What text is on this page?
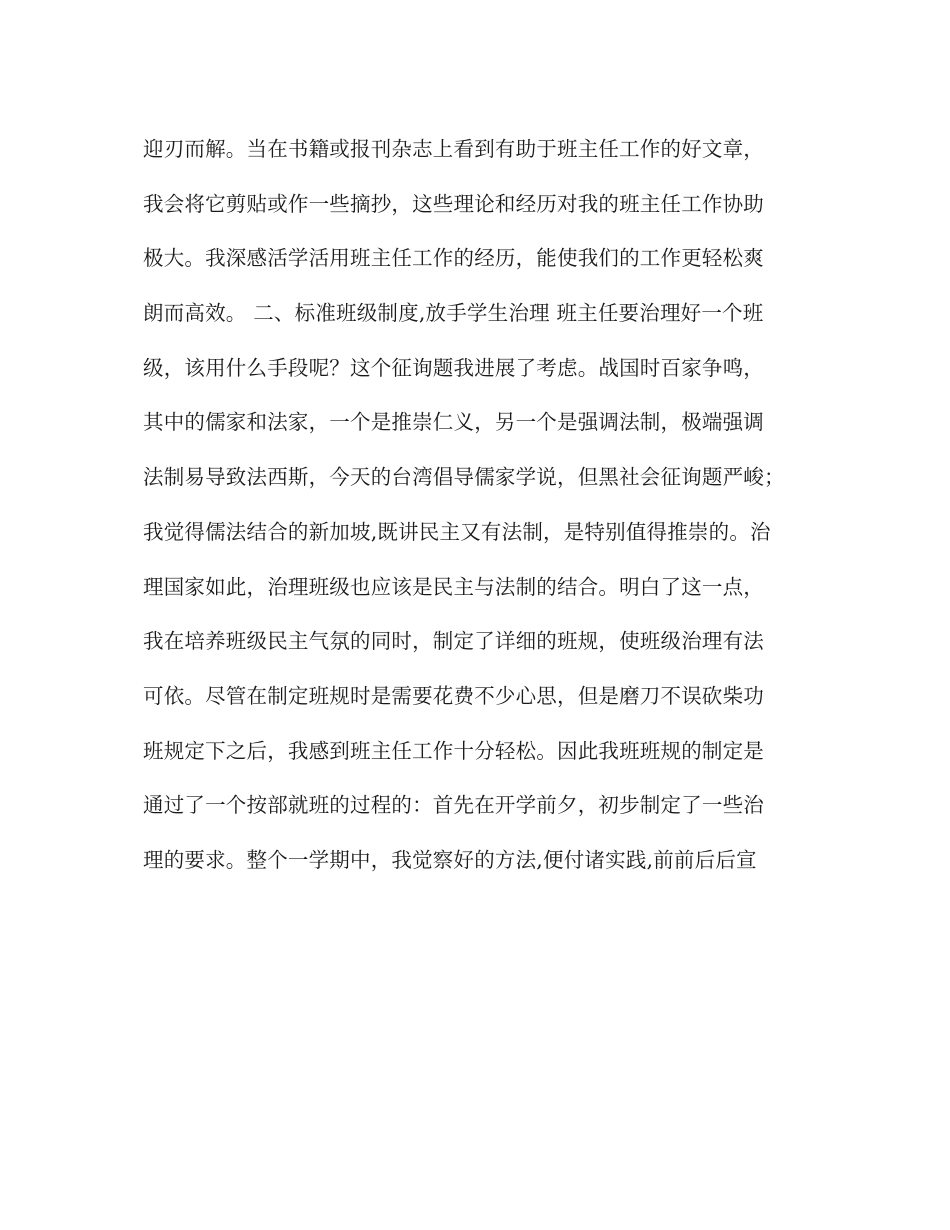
迎刃而解。当在书籍或报刊杂志上看到有助于班主任工作的好文章，
我会将它剪贴或作一些摘抄，这些理论和经历对我的班主任工作协助
极大。我深感活学活用班主任工作的经历，能使我们的工作更轻松爽
朗而高效。 二、标准班级制度,放手学生治理 班主任要治理好一个班
级，该用什么手段呢？这个征询题我进展了考虑。战国时百家争鸣，
其中的儒家和法家，一个是推崇仁义，另一个是强调法制，极端强调
法制易导致法西斯，今天的台湾倡导儒家学说，但黑社会征询题严峻；
我觉得儒法结合的新加坡,既讲民主又有法制，是特别值得推崇的。治
理国家如此，治理班级也应该是民主与法制的结合。明白了这一点，
我在培养班级民主气氛的同时，制定了详细的班规，使班级治理有法
可依。尽管在制定班规时是需要花费不少心思，但是磨刀不误砍柴功
班规定下之后，我感到班主任工作十分轻松。因此我班班规的制定是
通过了一个按部就班的过程的：首先在开学前夕，初步制定了一些治
理的要求。整个一学期中，我觉察好的方法,便付诸实践,前前后后宣
